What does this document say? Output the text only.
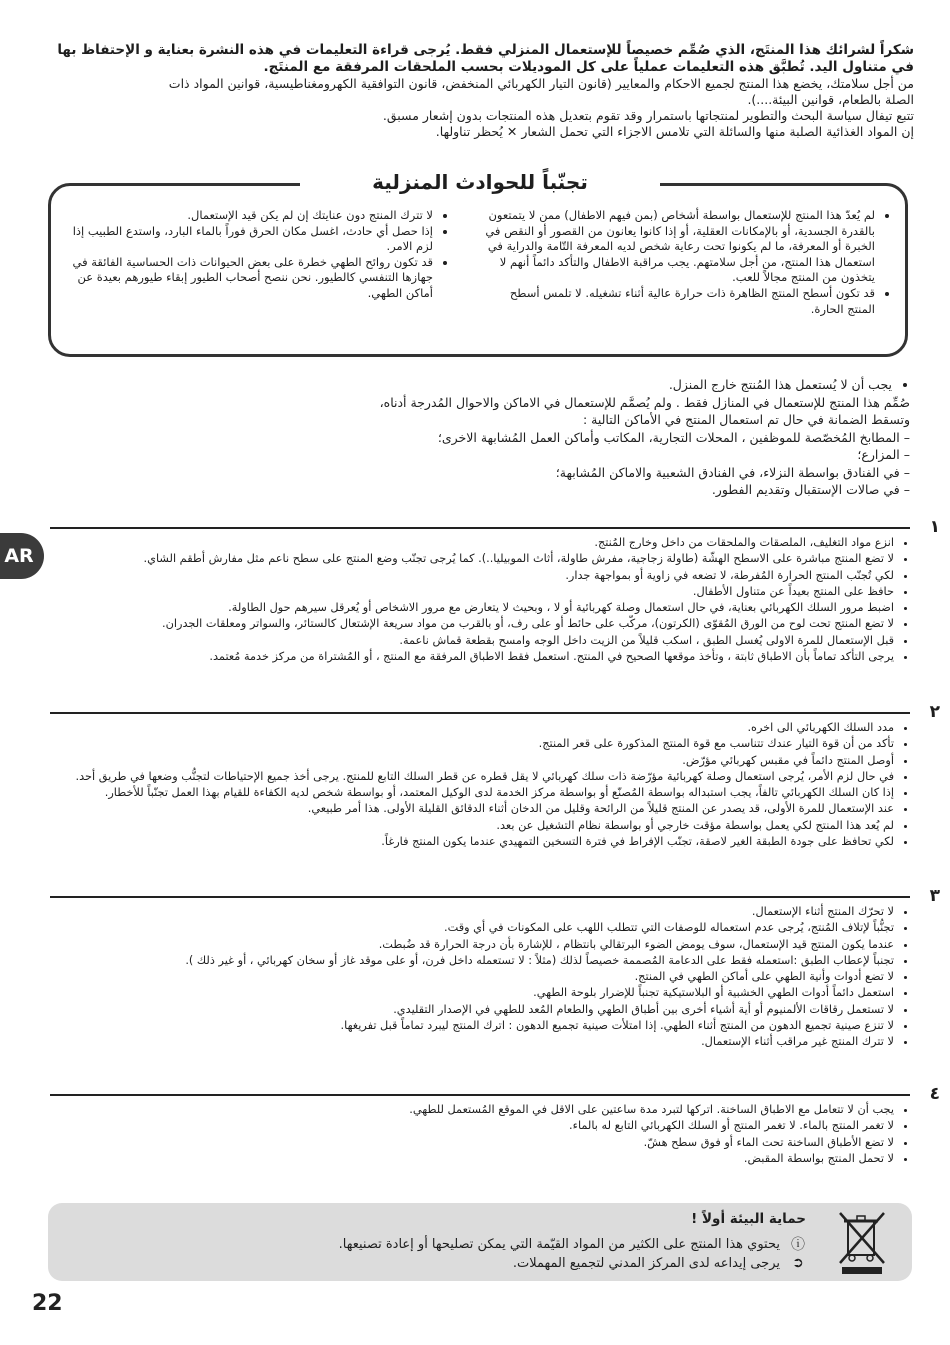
شكراً لشرائك هذا المنتَج، الذي صُمِّم خصيصاً للإستعمال المنزلي فقط. يُرجى قراءة التعليمات في هذه النشرة بعناية و الإحتفاظ بها

في متناول اليد. تُطبَّق هذه التعليمات عملياً على كل الموديلات بحسب الملحقات المرفقة مع المنتَج.

من أجل سلامتك، يخضع هذا المنتج لجميع الاحكام والمعايير (قانون التيار الكهربائي المنخفض، قانون التوافقية الكهرومغناطيسية، قوانين المواد ذات

الصلة بالطعام، قوانين البيئة....).

تتبع تيفال سياسة البحث والتطوير لمنتجاتها باستمرار وقد تقوم بتعديل هذه المنتجات بدون إشعار مسبق.

إن المواد الغذائية الصلبة منها والسائلة التي تلامس الاجزاء التي تحمل الشعار ✕ يُحظر تناولها.

تجنّباً للحوادث المنزلية
• لم يُعدّ هذا المنتج للإستعمال بواسطة أشخاص (بمن فيهم الاطفال) ممن لا يتمتعون بالقدرة الجسدية، أو بالإمكانات العقلية، أو إذا كانوا يعانون من القصور أو النقص في الخبرة أو المعرفة، ما لم يكونوا تحت رعاية شخص لديه المعرفة التّامة والدراية في استعمال هذا المنتج، من أجل سلامتهم. يجب مراقبة الاطفال والتأكد دائماً أنهم لا يتخذون من المنتج مجالاً للعب.
• قد تكون أسطح المنتج الظاهرة ذات حرارة عالية أثناء تشغيله. لا تلمس أسطح المنتج الحارة.
• لا تترك المنتج دون عنايتك إن لم يكن قيد الإستعمال.
• إذا حصل أي حادث، اغسل مكان الحرق فوراً بالماء البارد، واستدع الطبيب إذا لزم الامر.
• قد تكون روائح الطهي خطرة على بعض الحيوانات ذات الحساسية الفائقة في جهازها التنفسي كالطيور. نحن ننصح أصحاب الطيور إبقاء طيورهم بعيدة عن أماكن الطهي.
• يجب أن لا يُستعمل هذا المُنتج خارج المنزل.

صُمِّم هذا المنتج للإستعمال في المنازل فقط . ولم يُصمَّم للإستعمال في الاماكن والاحوال المُدرجة أدناه،

وتسقط الضمانة في حال تم استعمال المنتج في الأماكن التالية :

– المطابخ المُخصّصة للموظفين ، المحلات التجارية، المكاتب وأماكن العمل المُشابهة الاخرى؛

– المزارع؛

– في الفنادق بواسطة النزلاء، في الفنادق الشعبية والاماكن المُشابهة؛

– في صالات الإستقبال وتقديم الفطور.

AR
١
• انزع مواد التغليف، الملصقات والملحقات من داخل وخارج المُنتج.
• لا تضع المنتج مباشرة على الاسطح الهشّة (طاولة زجاجية، مفرش طاولة، أثاث الموبيليا..). كما يُرجى تجنّب وضع المنتج على سطح ناعم مثل مفارش أطقم الشاي.
• لكي تُجنّب المنتج الحرارة المُفرطة، لا تضعه في زاوية أو بمواجهة جدار.
• حافظ على المنتج بعيداً عن متناول الأطفال.
• اضبط مرور السلك الكهربائي بعناية، في حال استعمال وصلة كهربائية أو لا ، وبحيث لا يتعارض مع مرور الاشخاص أو يُعرقل سيرهم حول الطاولة.
• لا تضع المنتج تحت لوح من الورق المُقوّى (الكرتون)، مركّب على حائط أو على رف، أو بالقرب من مواد سريعة الإشتعال كالستائر، والسواتر ومعلقات الجدران.
• قبل الإستعمال للمرة الاولى يُغسل الطبق ، اسكب قليلاً من الزيت داخل الوجه وامسح بقطعة قماش ناعمة.
• يرجى التأكد تماماً بأن الاطباق ثابتة ، وتأخذ موقعها الصحيح في المنتج. استعمل فقط الاطباق المرفقة مع المنتج ، أو المُشتراة من مركز خدمة مُعتمد.
٢
• مدد السلك الكهربائي الى اخره.
• تأكد من أن قوة التيار عندك تتناسب مع قوة المنتج المذكورة على قعر المنتج.
• أوصل المنتج دائماً في مقبس كهربائي مؤرّض.
• في حال لزم الأمر، يُرجى استعمال وصلة كهربائية مؤرّضة ذات سلك كهربائي لا يقل قطره عن قطر السلك التابع للمنتج. يرجى أخذ جميع الإحتياطات لتجنُّب وضعها في طريق أحد.
• إذا كان السلك الكهربائي تالفاً، يجب استبداله بواسطة المُصنّع أو بواسطة مركز الخدمة لدى الوكيل المعتمد، أو بواسطة شخص لديه الكفاءة للقيام بهذا العمل تجنّباً للأخطار.
• عند الإستعمال للمرة الأولى، قد يصدر عن المنتج قليلاً من الرائحة وقليل من الدخان أثناء الدقائق القليلة الأولى. هذا أمر طبيعي.
• لم يُعد هذا المنتج لكي يعمل بواسطة مؤقت خارجي أو بواسطة نظام التشغيل عن بعد.
• لكي تحافظ على جودة الطبقة الغير لاصقة، تجنّب الإفراط في فترة التسخين التمهيدي عندما يكون المنتج فارغاً.
٣
• لا تحرّك المنتج أثناء الإستعمال.
• تجنُّباً لإتلاف المُنتج، يُرجى عدم استعماله للوصفات التي تتطلب اللهب على المكونات في أي وقت.
• عندما يكون المنتج قيد الإستعمال، سوف يومض الضوء البرتقالي بانتظام ، للإشارة بأن درجة الحرارة قد ضُبطت.
• تجنباً لإعطاب الطبق :استعمله فقط على الدعامة المُصممة خصيصاً لذلك (مثلاً : لا تستعمله داخل فرن، أو على موقد غاز أو سخان كهربائي ، أو غير ذلك ).
• لا تضع أدوات وأنية الطهي على أماكن الطهي في المنتج.
• استعمل دائماً أدوات الطهي الخشبية أو البلاستيكية تجنباً للإضرار بلوحة الطهي.
• لا تستعمل رقاقات الألمنيوم أو أية أشياء أخرى بين أطباق الطهي والطعام المُعد للطهي في الإصدار التقليدي.
• لا تنزع صينية تجميع الدهون من المنتج أثناء الطهي. إذا امتلأت صينية تجميع الدهون : اترك المنتج ليبرد تماماً قبل تفريغها.
• لا تترك المنتج غير مراقب أثناء الإستعمال.
٤
• يجب أن لا تتعامل مع الاطباق الساخنة. اتركها لتبرد مدة ساعتين على الاقل في الموقع المُستعمل للطهي.
• لا تغمر المنتج بالماء. لا تغمر المنتج أو السلك الكهربائي التابع له بالماء.
• لا تضع الأطباق الساخنة تحت الماء أو فوق سطح هشّ.
• لا تحمل المنتج بواسطة المقبض.
حماية البيئة أولاً !
ⓘ
يحتوي هذا المنتج على الكثير من المواد القيّمة التي يمكن تصليحها أو إعادة تصنيعها.
➲
يرجى إيداعه لدى المركز المدني لتجميع المهملات.
22
